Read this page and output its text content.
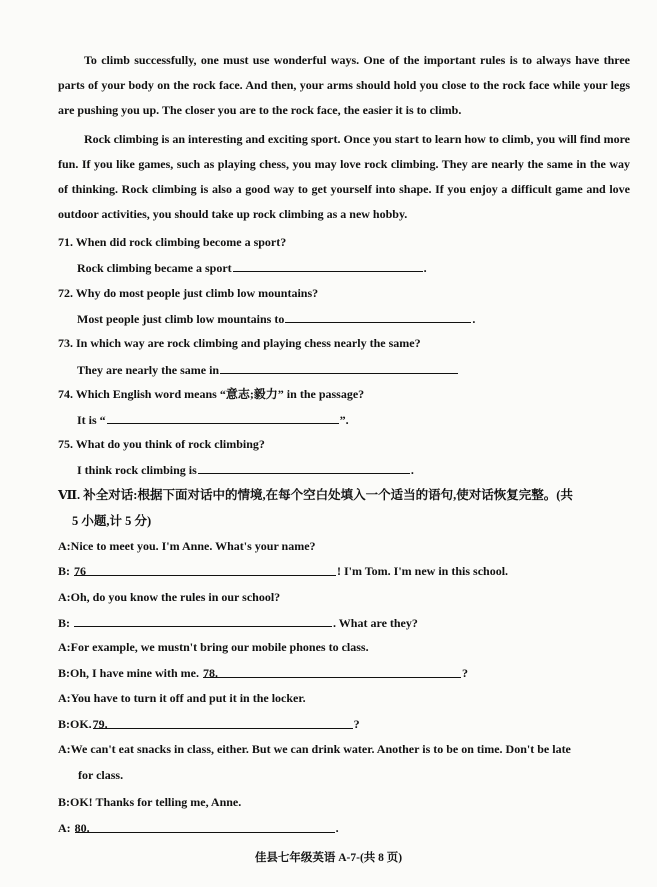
To climb successfully, one must use wonderful ways. One of the important rules is to always have three parts of your body on the rock face. And then, your arms should hold you close to the rock face while your legs are pushing you up. The closer you are to the rock face, the easier it is to climb.

Rock climbing is an interesting and exciting sport. Once you start to learn how to climb, you will find more fun. If you like games, such as playing chess, you may love rock climbing. They are nearly the same in the way of thinking. Rock climbing is also a good way to get yourself into shape. If you enjoy a difficult game and love outdoor activities, you should take up rock climbing as a new hobby.

71. When did rock climbing become a sport?
Rock climbing became a sport	.
72. Why do most people just climb low mountains?
Most people just climb low mountains to	.
73. In which way are rock climbing and playing chess nearly the same?
They are nearly the same in
74. Which English word means “意志;毅力” in the passage?
It is “	”.
75. What do you think of rock climbing?
I think rock climbing is	.
Ⅶ. 补全对话:根据下面对话中的情境,在每个空白处填入一个适当的语句,使对话恢复完整。(共
5 小题,计 5 分)
A:Nice to meet you. I'm Anne. What's your name?
B: 76	! I'm Tom. I'm new in this school.
A:Oh, do you know the rules in our school?
B:	. What are they?
A:For example, we mustn't bring our mobile phones to class.
B:Oh, I have mine with me. 78.	?
A:You have to turn it off and put it in the locker.
B:OK.79.	?
A:We can't eat snacks in class, either. But we can drink water. Another is to be on time. Don't be late
for class.
B:OK! Thanks for telling me, Anne.
A: 80.	.
佳县七年级英语 A-7-(共 8 页)
